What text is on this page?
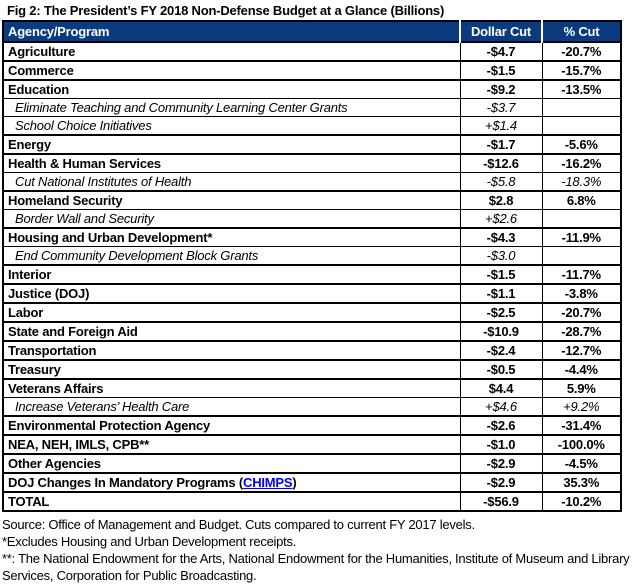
Fig 2: The President’s FY 2018 Non-Defense Budget at a Glance (Billions)
Agency/Program	Dollar Cut	% Cut
Agriculture	-$4.7	-20.7%
Commerce	-$1.5	-15.7%
Education	-$9.2	-13.5%
Eliminate Teaching and Community Learning Center Grants	-$3.7	
School Choice Initiatives	+$1.4	
Energy	-$1.7	-5.6%
Health & Human Services	-$12.6	-16.2%
Cut National Institutes of Health	-$5.8	-18.3%
Homeland Security	$2.8	6.8%
Border Wall and Security	+$2.6	
Housing and Urban Development*	-$4.3	-11.9%
End Community Development Block Grants	-$3.0	
Interior	-$1.5	-11.7%
Justice (DOJ)	-$1.1	-3.8%
Labor	-$2.5	-20.7%
State and Foreign Aid	-$10.9	-28.7%
Transportation	-$2.4	-12.7%
Treasury	-$0.5	-4.4%
Veterans Affairs	$4.4	5.9%
Increase Veterans’ Health Care	+$4.6	+9.2%
Environmental Protection Agency	-$2.6	-31.4%
NEA, NEH, IMLS, CPB**	-$1.0	-100.0%
Other Agencies	-$2.9	-4.5%
DOJ Changes In Mandatory Programs (CHIMPS)	-$2.9	35.3%
TOTAL	-$56.9	-10.2%
Source: Office of Management and Budget. Cuts compared to current FY 2017 levels.
*Excludes Housing and Urban Development receipts.
**: The National Endowment for the Arts, National Endowment for the Humanities, Institute of Museum and Library Services, Corporation for Public Broadcasting.
